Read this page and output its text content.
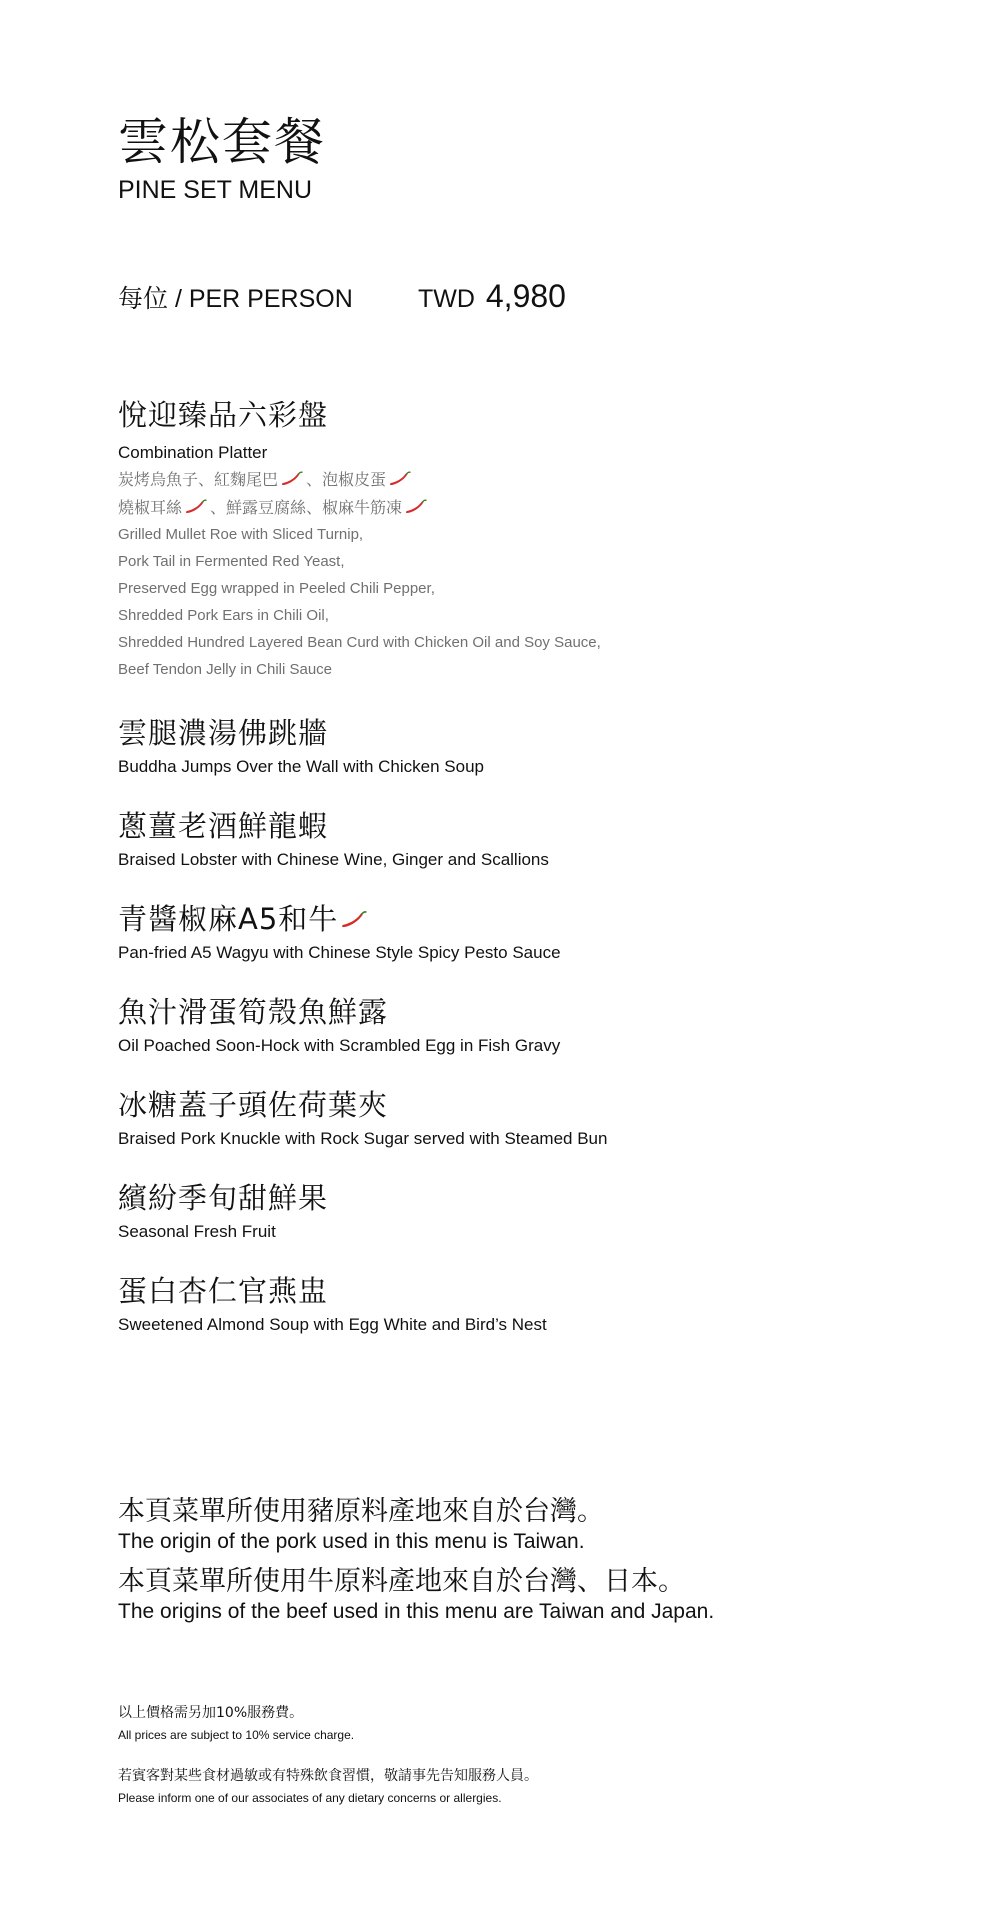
雲松套餐
PINE SET MENU
每位 / PER PERSON	TWD 4,980
悅迎臻品六彩盤
Combination Platter
炭烤烏魚子、紅麴尾巴 、泡椒皮蛋
燒椒耳絲 、鮮露豆腐絲、椒麻牛筋凍
Grilled Mullet Roe with Sliced Turnip,
Pork Tail in Fermented Red Yeast,
Preserved Egg wrapped in Peeled Chili Pepper,
Shredded Pork Ears in Chili Oil,
Shredded Hundred Layered Bean Curd with Chicken Oil and Soy Sauce,
Beef Tendon Jelly in Chili Sauce
雲腿濃湯佛跳牆
Buddha Jumps Over the Wall with Chicken Soup
蔥薑老酒鮮龍蝦
Braised Lobster with Chinese Wine, Ginger and Scallions
青醬椒麻A5和牛
Pan-fried A5 Wagyu with Chinese Style Spicy Pesto Sauce
魚汁滑蛋筍殼魚鮮露
Oil Poached Soon-Hock with Scrambled Egg in Fish Gravy
冰糖蓋子頭佐荷葉夾
Braised Pork Knuckle with Rock Sugar served with Steamed Bun
繽紛季旬甜鮮果
Seasonal Fresh Fruit
蛋白杏仁官燕盅
Sweetened Almond Soup with Egg White and Bird’s Nest
本頁菜單所使用豬原料產地來自於台灣。
The origin of the pork used in this menu is Taiwan.
本頁菜單所使用牛原料產地來自於台灣、日本。
The origins of the beef used in this menu are Taiwan and Japan.
以上價格需另加10%服務費。
All prices are subject to 10% service charge.
若賓客對某些食材過敏或有特殊飲食習慣，敬請事先告知服務人員。
Please inform one of our associates of any dietary concerns or allergies.
